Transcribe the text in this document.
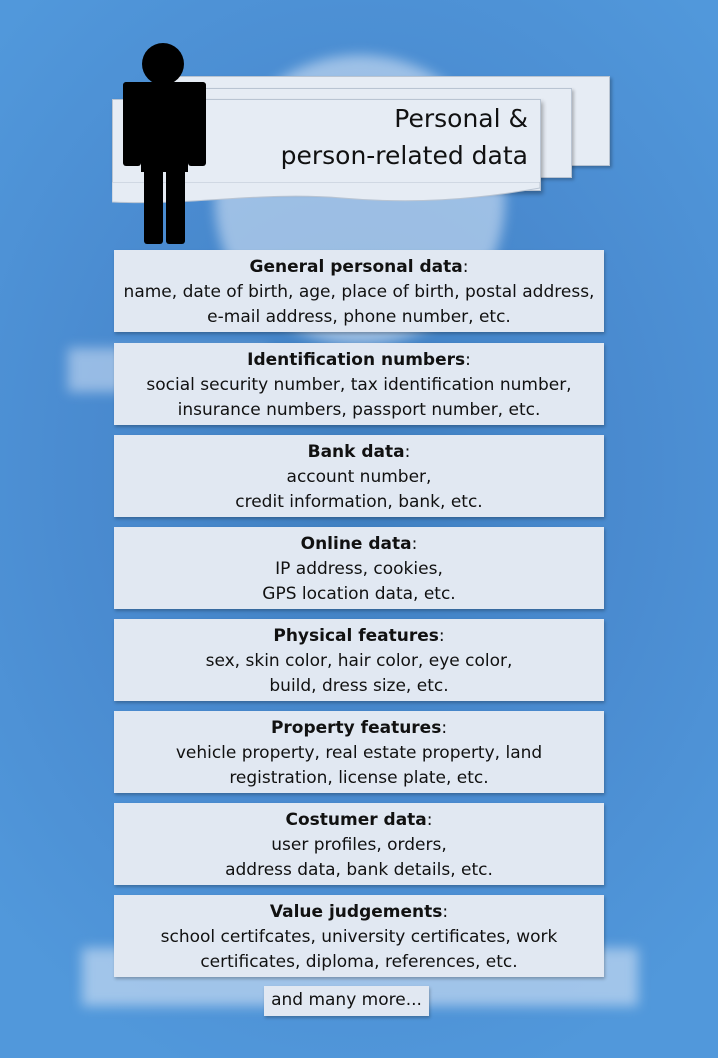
Personal &
person-related data
General personal data:
name, date of birth, age, place of birth, postal address,
e-mail address, phone number, etc.
Identification numbers:
social security number, tax identification number,
insurance numbers, passport number, etc.
Bank data:
account number,
credit information, bank, etc.
Online data:
IP address, cookies,
GPS location data, etc.
Physical features:
sex, skin color, hair color, eye color,
build, dress size, etc.
Property features:
vehicle property, real estate property, land
registration, license plate, etc.
Costumer data:
user profiles, orders,
address data, bank details, etc.
Value judgements:
school certifcates, university certificates, work
certificates, diploma, references, etc.
and many more...
